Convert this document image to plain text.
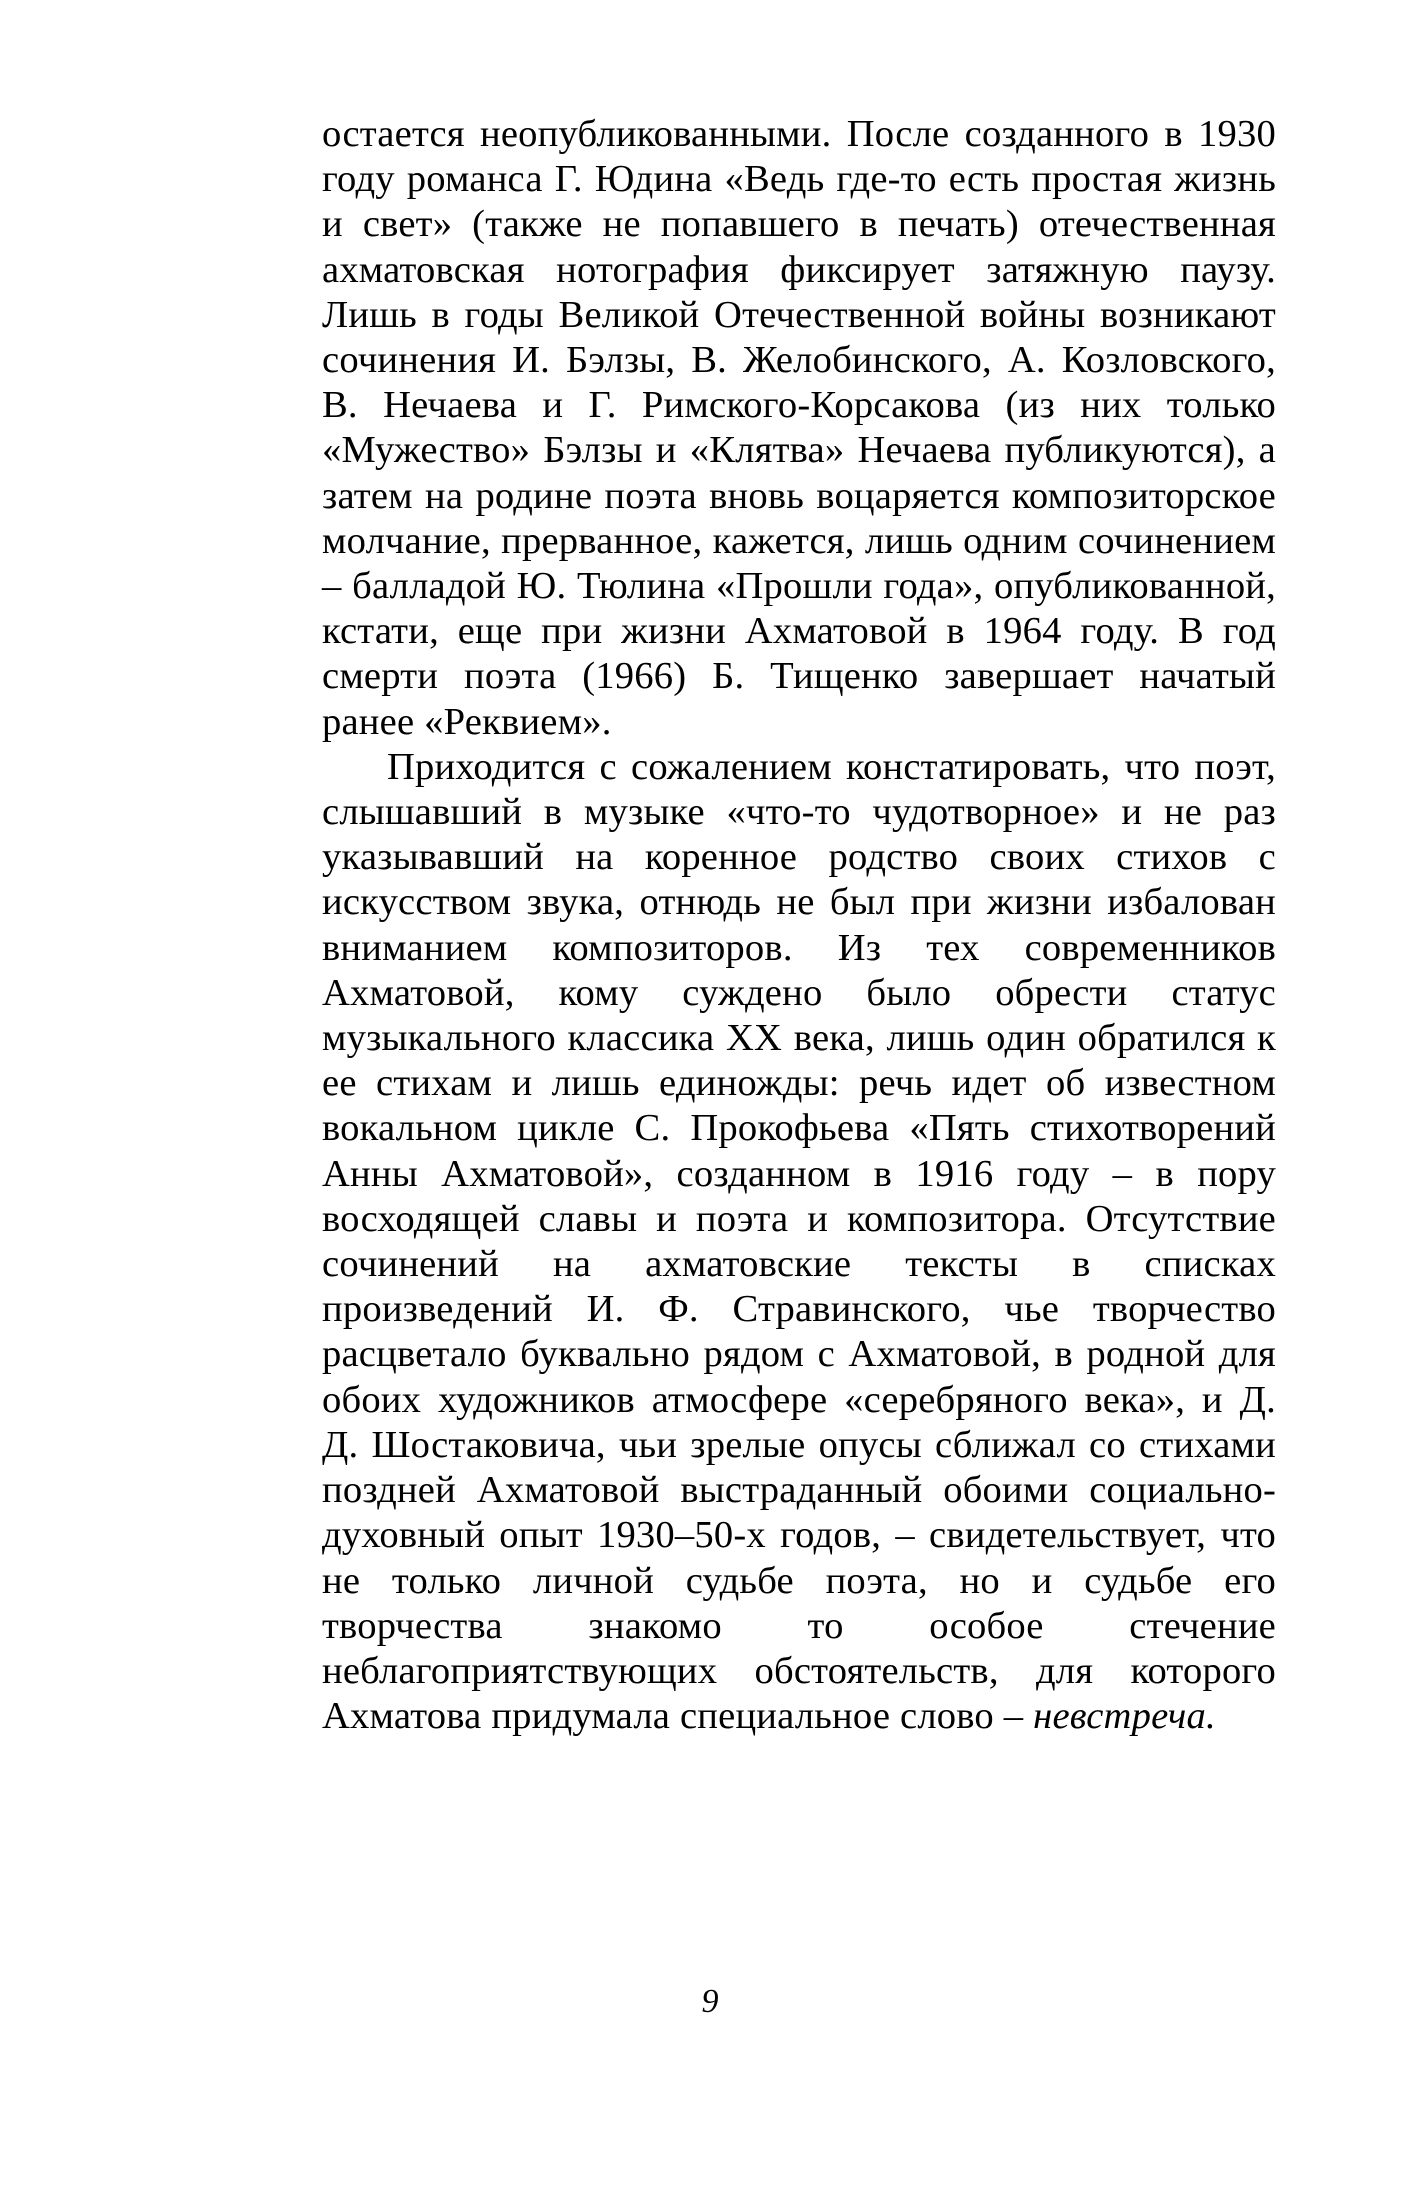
остается неопубликованными. После созданного в 1930 году романса Г. Юдина «Ведь где-то есть простая жизнь и свет» (также не попавшего в печать) отечественная ахматовская нотография фиксирует затяжную паузу. Лишь в годы Великой Отечественной войны возникают сочинения И. Бэлзы, В. Желобинского, А. Козловского, В. Нечаева и Г. Римского-Корсакова (из них только «Мужество» Бэлзы и «Клятва» Нечаева публикуются), а затем на родине поэта вновь воцаряется композиторское молчание, прерванное, кажется, лишь одним сочинением – балладой Ю. Тюлина «Прошли года», опубликованной, кстати, еще при жизни Ахматовой в 1964 году. В год смерти поэта (1966) Б. Тищенко завершает начатый ранее «Реквием».

Приходится с сожалением констатировать, что поэт, слышавший в музыке «что-то чудотворное» и не раз указывавший на коренное родство своих стихов с искусством звука, отнюдь не был при жизни избалован вниманием композиторов. Из тех современников Ахматовой, кому суждено было обрести статус музыкального классика XX века, лишь один обратился к ее стихам и лишь единожды: речь идет об известном вокальном цикле С. Прокофьева «Пять стихотворений Анны Ахматовой», созданном в 1916 году – в пору восходящей славы и поэта и композитора. Отсутствие сочинений на ахматовские тексты в списках произведений И. Ф. Стравинского, чье творчество расцветало буквально рядом с Ахматовой, в родной для обоих художников атмосфере «серебряного века», и Д. Д. Шостаковича, чьи зрелые опусы сближал со стихами поздней Ахматовой выстраданный обоими социально-духовный опыт 1930–50-х годов, – свидетельствует, что не только личной судьбе поэта, но и судьбе его творчества знакомо то особое стечение неблагоприятствующих обстоятельств, для которого Ахматова придумала специальное слово – невстреча.

9
